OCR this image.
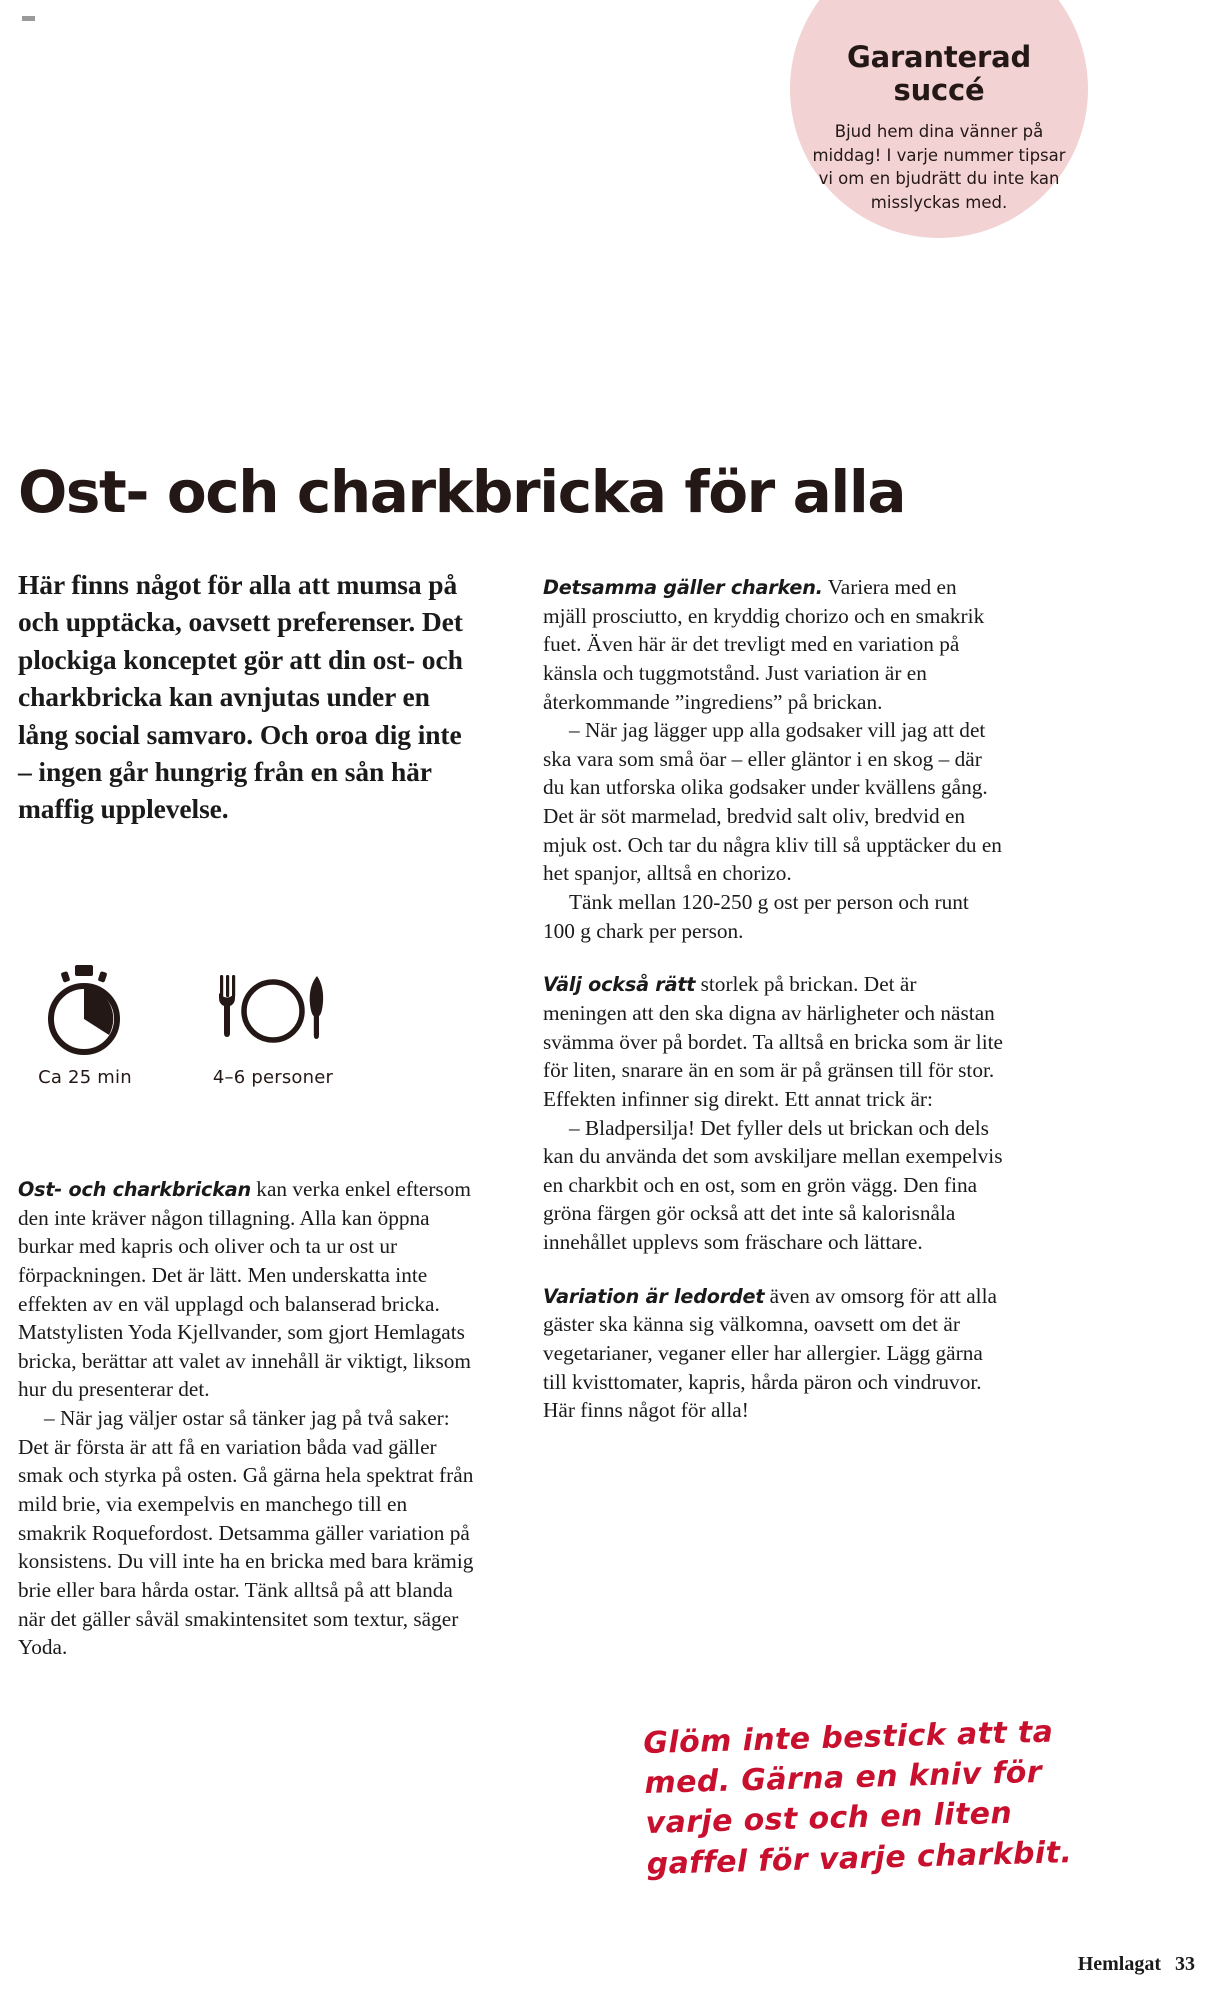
Garanterad succé
Bjud hem dina vänner på middag! I varje nummer tipsar vi om en bjudrätt du inte kan misslyckas med.
Ost- och charkbricka för alla

Här finns något för alla att mumsa på och upptäcka, oavsett preferenser. Det plockiga konceptet gör att din ost- och charkbricka kan avnjutas under en lång social samvaro. Och oroa dig inte – ingen går hungrig från en sån här maffig upplevelse.

Ca 25 min	4–6 personer

Ost- och charkbrickan kan verka enkel eftersom den inte kräver någon tillagning. Alla kan öppna burkar med kapris och oliver och ta ur ost ur förpackningen. Det är lätt. Men underskatta inte effekten av en väl upplagd och balanserad bricka. Matstylisten Yoda Kjellvander, som gjort Hemlagats bricka, berättar att valet av innehåll är viktigt, liksom hur du presenterar det.
– När jag väljer ostar så tänker jag på två saker: Det är första är att få en variation båda vad gäller smak och styrka på osten. Gå gärna hela spektrat från mild brie, via exempelvis en manchego till en smakrik Roquefordost. Detsamma gäller variation på konsistens. Du vill inte ha en bricka med bara krämig brie eller bara hårda ostar. Tänk alltså på att blanda när det gäller såväl smakintensitet som textur, säger Yoda.

Detsamma gäller charken. Variera med en mjäll prosciutto, en kryddig chorizo och en smakrik fuet. Även här är det trevligt med en variation på känsla och tuggmotstånd. Just variation är en återkommande ”ingrediens” på brickan.
– När jag lägger upp alla godsaker vill jag att det ska vara som små öar – eller gläntor i en skog – där du kan utforska olika godsaker under kvällens gång. Det är söt marmelad, bredvid salt oliv, bredvid en mjuk ost. Och tar du några kliv till så upptäcker du en het spanjor, alltså en chorizo.
Tänk mellan 120-250 g ost per person och runt 100 g chark per person.

Välj också rätt storlek på brickan. Det är meningen att den ska digna av härligheter och nästan svämma över på bordet. Ta alltså en bricka som är lite för liten, snarare än en som är på gränsen till för stor. Effekten infinner sig direkt. Ett annat trick är:
– Bladpersilja! Det fyller dels ut brickan och dels kan du använda det som avskiljare mellan exempelvis en charkbit och en ost, som en grön vägg. Den fina gröna färgen gör också att det inte så kalorisnåla innehållet upplevs som fräschare och lättare.

Variation är ledordet även av omsorg för att alla gäster ska känna sig välkomna, oavsett om det är vegetarianer, veganer eller har allergier. Lägg gärna till kvisttomater, kapris, hårda päron och vindruvor. Här finns något för alla!

Glöm inte bestick att ta med. Gärna en kniv för varje ost och en liten gaffel för varje charkbit.
Hemlagat 33
